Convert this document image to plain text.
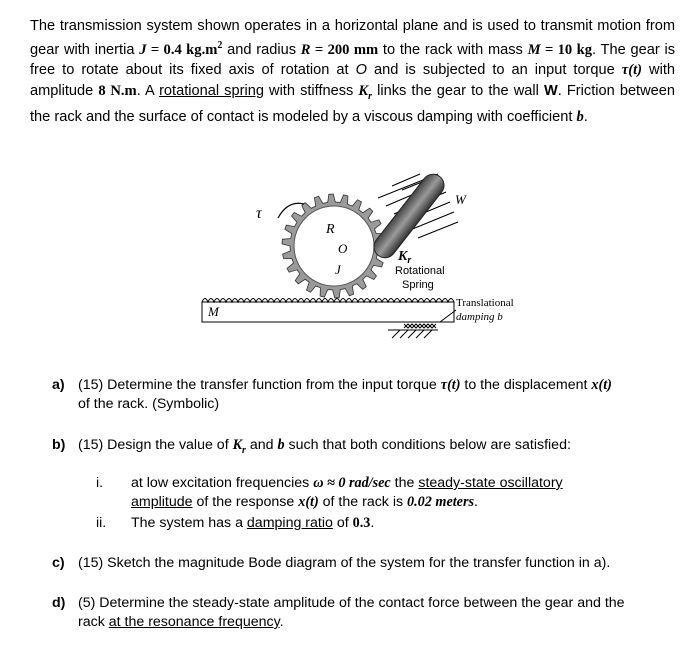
The transmission system shown operates in a horizontal plane and is used to transmit motion from gear with inertia J = 0.4 $kg.m^2$ and radius R = 200 mm to the rack with mass M = 10 kg. The gear is free to rotate about its fixed axis of rotation at O and is subjected to an input torque τ(t) with amplitude 8 N.m. A rotational spring with stiffness $K_r$ links the gear to the wall W. Friction between the rack and the surface of contact is modeled by a viscous damping with coefficient b.
τ
R
O
J
W
$K_r$
Rotational
Spring
M
Translational
damping b
a) (15) Determine the transfer function from the input torque τ(t) to the displacement x(t)
of the rack. (Symbolic)
b) (15) Design the value of $K_r$ and b such that both conditions below are satisfied:
i. at low excitation frequencies ω ≈ 0 rad/sec the steady-state oscillatory
amplitude of the response x(t) of the rack is 0.02 meters.
ii. The system has a damping ratio of 0.3.
c) (15) Sketch the magnitude Bode diagram of the system for the transfer function in a).
d) (5) Determine the steady-state amplitude of the contact force between the gear and the
rack at the resonance frequency.
